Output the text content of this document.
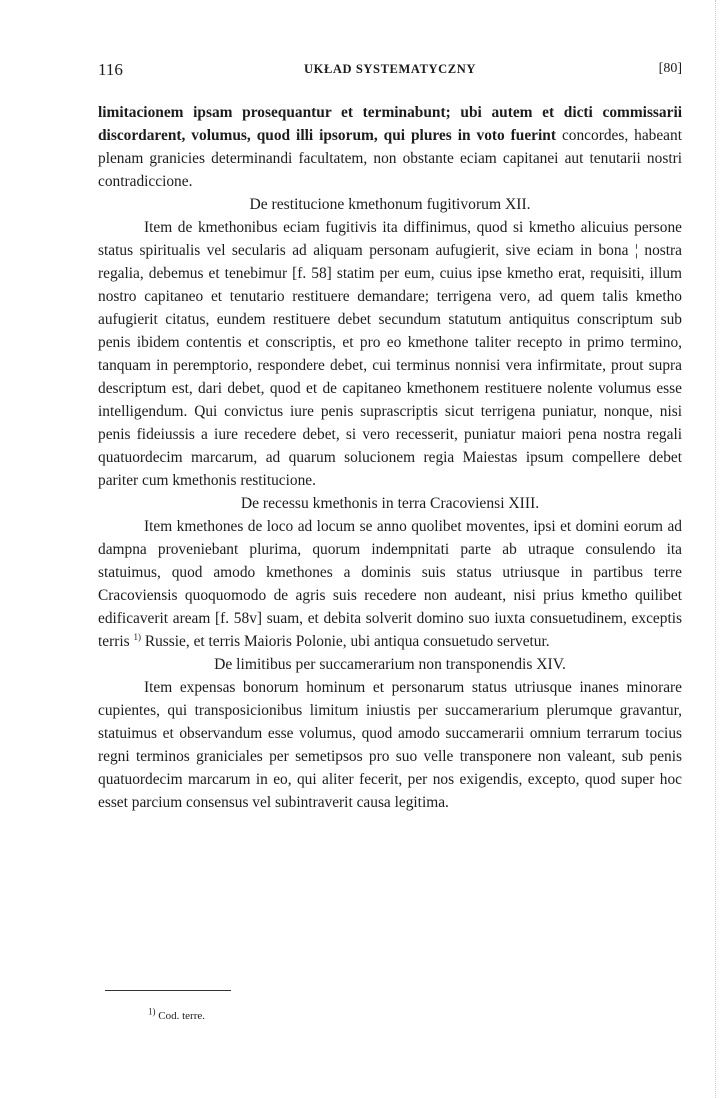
116	UKŁAD SYSTEMATYCZNY	[80]

limitacionem ipsam prosequantur et terminabunt; ubi autem et dicti commissarii discordarent, volumus, quod illi ipsorum, qui plures in voto fuerint concordes, habeant plenam granicies determinandi facultatem, non obstante eciam capitanei aut tenutarii nostri contradiccione.

De restitucione kmethonum fugitivorum XII.

Item de kmethonibus eciam fugitivis ita diffinimus, quod si kmetho alicuius persone status spiritualis vel secularis ad aliquam personam aufugierit, sive eciam in bona ¦ nostra regalia, debemus et tenebimur [f. 58] statim per eum, cuius ipse kmetho erat, requisiti, illum nostro capitaneo et tenutario restituere demandare; terrigena vero, ad quem talis kmetho aufugierit citatus, eundem restituere debet secundum statutum antiquitus conscriptum sub penis ibidem contentis et conscriptis, et pro eo kmethone taliter recepto in primo termino, tanquam in peremptorio, respondere debet, cui terminus nonnisi vera infirmitate, prout supra descriptum est, dari debet, quod et de capitaneo kmethonem restituere nolente volumus esse intelligendum. Qui convictus iure penis suprascriptis sicut terrigena puniatur, nonque, nisi penis fideiussis a iure recedere debet, si vero recesserit, puniatur maiori pena nostra regali quatuordecim marcarum, ad quarum solucionem regia Maiestas ipsum compellere debet pariter cum kmethonis restitucione.

De recessu kmethonis in terra Cracoviensi XIII.

Item kmethones de loco ad locum se anno quolibet moventes, ipsi et domini eorum ad dampna proveniebant plurima, quorum indempnitati parte ab utraque consulendo ita statuimus, quod amodo kmethones a dominis suis status utriusque in partibus terre Cracoviensis quoquomodo de agris suis recedere non audeant, nisi prius kmetho quilibet edificaverit aream [f. 58v] suam, et debita solverit domino suo iuxta consuetudinem, exceptis terris $^{1)}$ Russie, et terris Maioris Polonie, ubi antiqua consuetudo servetur.

De limitibus per succamerarium non transponendis XIV.

Item expensas bonorum hominum et personarum status utriusque inanes minorare cupientes, qui transposicionibus limitum iniustis per succamerarium plerumque gravantur, statuimus et observandum esse volumus, quod amodo succamerarii omnium terrarum tocius regni terminos graniciales per semetipsos pro suo velle transponere non valeant, sub penis quatuordecim marcarum in eo, qui aliter fecerit, per nos exigendis, excepto, quod super hoc esset parcium consensus vel subintraverit causa legitima.

$^{1)}$ Cod. terre.
